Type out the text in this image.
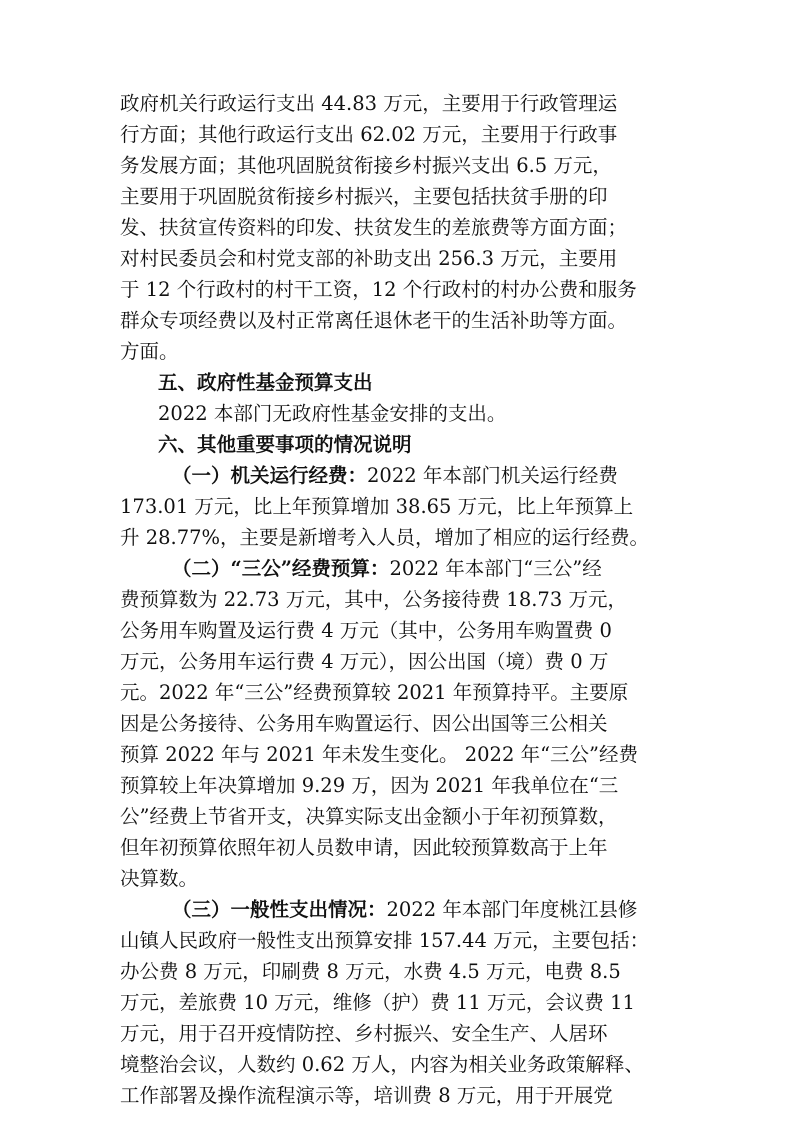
政府机关行政运行支出 44.83 万元，主要用于行政管理运
行方面；其他行政运行支出 62.02 万元，主要用于行政事
务发展方面；其他巩固脱贫衔接乡村振兴支出 6.5 万元，
主要用于巩固脱贫衔接乡村振兴，主要包括扶贫手册的印
发、扶贫宣传资料的印发、扶贫发生的差旅费等方面方面；
对村民委员会和村党支部的补助支出 256.3 万元，主要用
于 12 个行政村的村干工资，12 个行政村的村办公费和服务
群众专项经费以及村正常离任退休老干的生活补助等方面。
方面。
五、政府性基金预算支出
2022 本部门无政府性基金安排的支出。
六、其他重要事项的情况说明
（一）机关运行经费：2022 年本部门机关运行经费
173.01 万元，比上年预算增加 38.65 万元，比上年预算上
升 28.77%，主要是新增考入人员，增加了相应的运行经费。
（二）“三公”经费预算：2022 年本部门“三公”经
费预算数为 22.73 万元，其中，公务接待费 18.73 万元，
公务用车购置及运行费 4 万元（其中，公务用车购置费 0
万元，公务用车运行费 4 万元），因公出国（境）费 0 万
元。2022 年“三公”经费预算较 2021 年预算持平。主要原
因是公务接待、公务用车购置运行、因公出国等三公相关
预算 2022 年与 2021 年未发生变化。 2022 年“三公”经费
预算较上年决算增加 9.29 万，因为 2021 年我单位在“三
公”经费上节省开支，决算实际支出金额小于年初预算数，
但年初预算依照年初人员数申请，因此较预算数高于上年
决算数。
（三）一般性支出情况：2022 年本部门年度桃江县修
山镇人民政府一般性支出预算安排 157.44 万元，主要包括：
办公费 8 万元，印刷费 8 万元，水费 4.5 万元，电费 8.5
万元，差旅费 10 万元，维修（护）费 11 万元，会议费 11
万元，用于召开疫情防控、乡村振兴、安全生产、人居环
境整治会议，人数约 0.62 万人，内容为相关业务政策解释、
工作部署及操作流程演示等，培训费 8 万元，用于开展党
